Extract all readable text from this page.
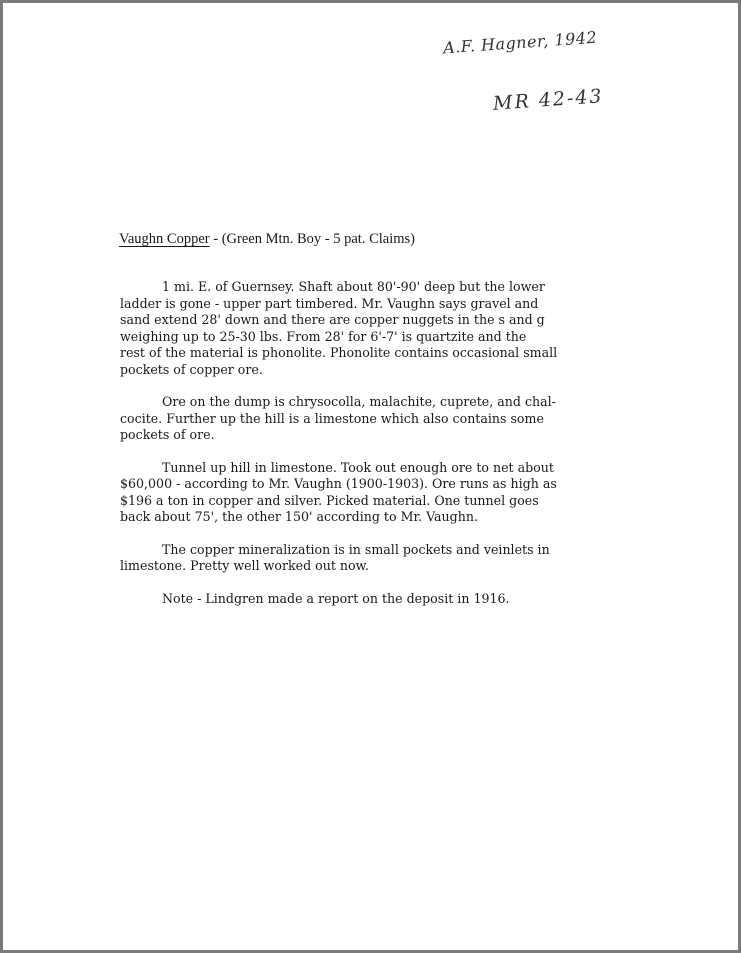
A.F. Hagner, 1942
MR 42-43
Vaughn Copper - (Green Mtn. Boy - 5 pat. Claims)
1 mi. E. of Guernsey. Shaft about 80'-90' deep but the lower
ladder is gone - upper part timbered. Mr. Vaughn says gravel and
sand extend 28' down and there are copper nuggets in the s and g
weighing up to 25-30 lbs. From 28' for 6'-7' is quartzite and the
rest of the material is phonolite. Phonolite contains occasional small
pockets of copper ore.
Ore on the dump is chrysocolla, malachite, cuprete, and chal-
cocite. Further up the hill is a limestone which also contains some
pockets of ore.
Tunnel up hill in limestone. Took out enough ore to net about
$60,000 - according to Mr. Vaughn (1900-1903). Ore runs as high as
$196 a ton in copper and silver. Picked material. One tunnel goes
back about 75', the other 150' according to Mr. Vaughn.
The copper mineralization is in small pockets and veinlets in
limestone. Pretty well worked out now.
Note - Lindgren made a report on the deposit in 1916.
